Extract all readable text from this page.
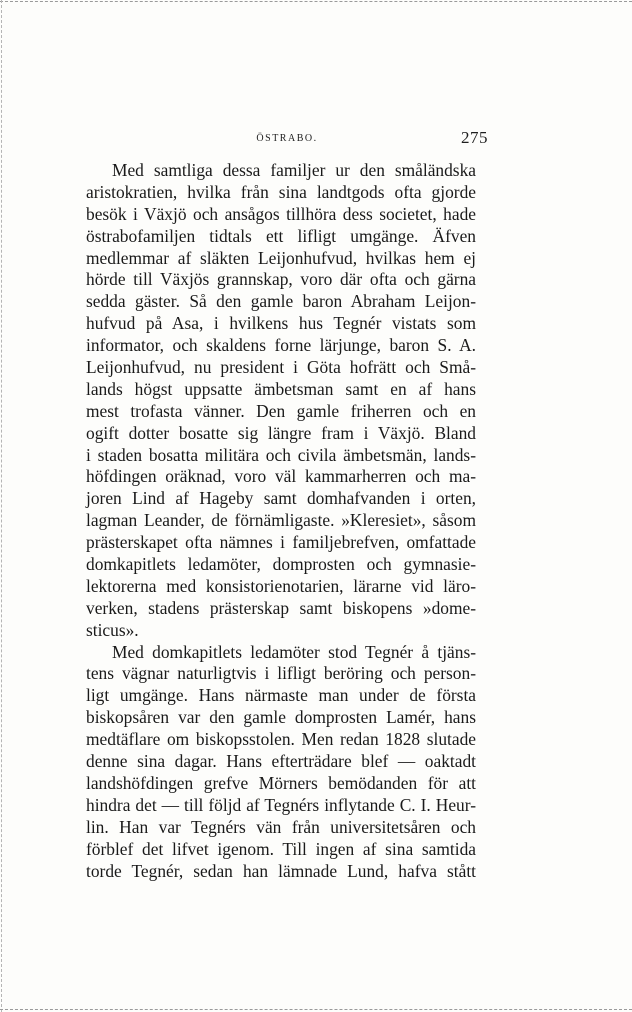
ÖSTRABO.	275
Med samtliga dessa familjer ur den småländska
aristokratien, hvilka från sina landtgods ofta gjorde
besök i Växjö och ansågos tillhöra dess societet, hade
östrabofamiljen tidtals ett lifligt umgänge. Äfven
medlemmar af släkten Leijonhufvud, hvilkas hem ej
hörde till Växjös grannskap, voro där ofta och gärna
sedda gäster. Så den gamle baron Abraham Leijon-
hufvud på Asa, i hvilkens hus Tegnér vistats som
informator, och skaldens forne lärjunge, baron S. A.
Leijonhufvud, nu president i Göta hofrätt och Små-
lands högst uppsatte ämbetsman samt en af hans
mest trofasta vänner. Den gamle friherren och en
ogift dotter bosatte sig längre fram i Växjö. Bland
i staden bosatta militära och civila ämbetsmän, lands-
höfdingen oräknad, voro väl kammarherren och ma-
joren Lind af Hageby samt domhafvanden i orten,
lagman Leander, de förnämligaste. »Kleresiet», såsom
prästerskapet ofta nämnes i familjebrefven, omfattade
domkapitlets ledamöter, domprosten och gymnasie-
lektorerna med konsistorienotarien, lärarne vid läro-
verken, stadens prästerskap samt biskopens »dome-
sticus».
Med domkapitlets ledamöter stod Tegnér å tjäns-
tens vägnar naturligtvis i lifligt beröring och person-
ligt umgänge. Hans närmaste man under de första
biskopsåren var den gamle domprosten Lamér, hans
medtäflare om biskopsstolen. Men redan 1828 slutade
denne sina dagar. Hans efterträdare blef — oaktadt
landshöfdingen grefve Mörners bemödanden för att
hindra det — till följd af Tegnérs inflytande C. I. Heur-
lin. Han var Tegnérs vän från universitetsåren och
förblef det lifvet igenom. Till ingen af sina samtida
torde Tegnér, sedan han lämnade Lund, hafva stått
